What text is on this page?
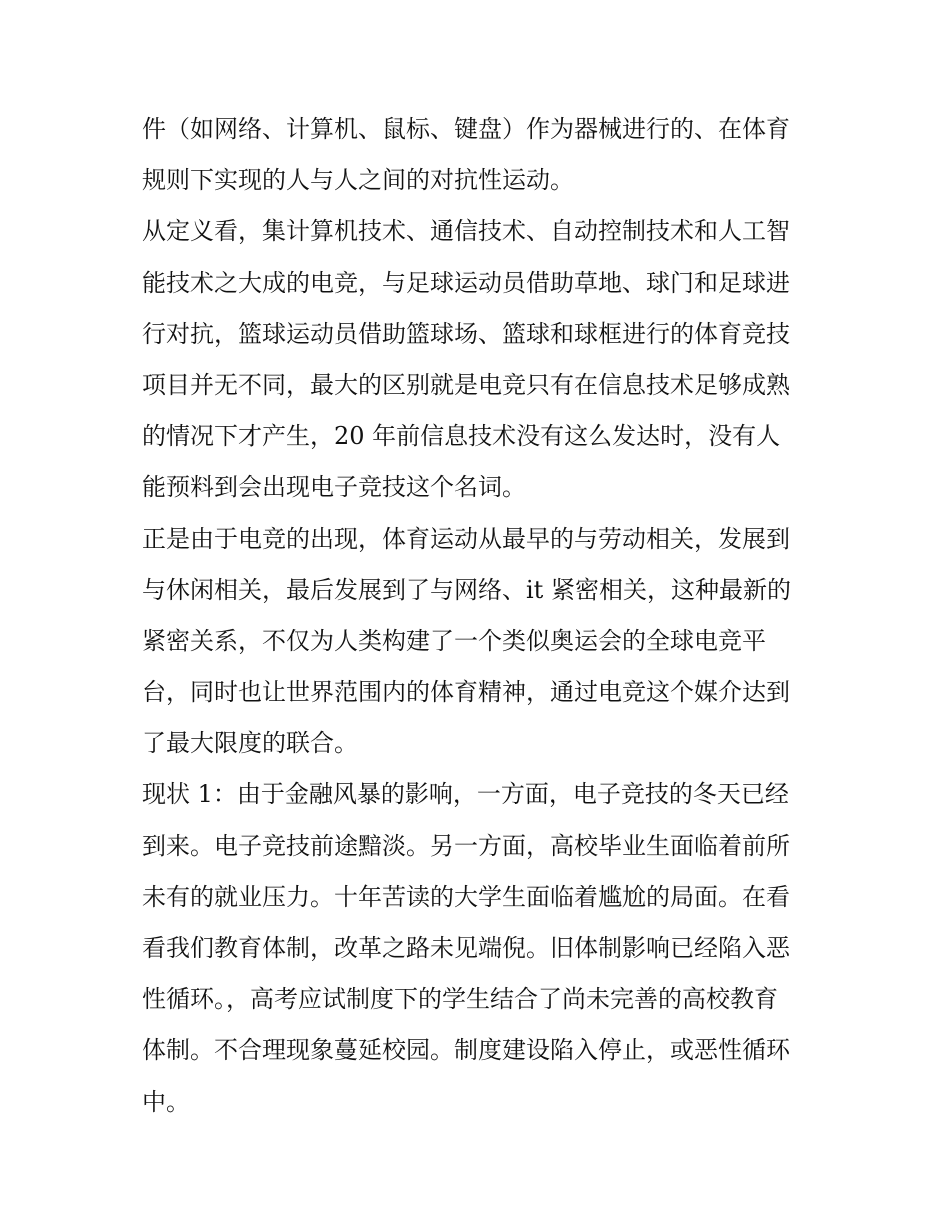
件（如网络、计算机、鼠标、键盘）作为器械进行的、在体育
规则下实现的人与人之间的对抗性运动。
从定义看，集计算机技术、通信技术、自动控制技术和人工智
能技术之大成的电竞，与足球运动员借助草地、球门和足球进
行对抗，篮球运动员借助篮球场、篮球和球框进行的体育竞技
项目并无不同，最大的区别就是电竞只有在信息技术足够成熟
的情况下才产生，20 年前信息技术没有这么发达时，没有人
能预料到会出现电子竞技这个名词。
正是由于电竞的出现，体育运动从最早的与劳动相关，发展到
与休闲相关，最后发展到了与网络、it 紧密相关，这种最新的
紧密关系，不仅为人类构建了一个类似奥运会的全球电竞平
台，同时也让世界范围内的体育精神，通过电竞这个媒介达到
了最大限度的联合。
现状 1：由于金融风暴的影响，一方面，电子竞技的冬天已经
到来。电子竞技前途黯淡。另一方面，高校毕业生面临着前所
未有的就业压力。十年苦读的大学生面临着尴尬的局面。在看
看我们教育体制，改革之路未见端倪。旧体制影响已经陷入恶
性循环。，高考应试制度下的学生结合了尚未完善的高校教育
体制。不合理现象蔓延校园。制度建设陷入停止，或恶性循环
中。
